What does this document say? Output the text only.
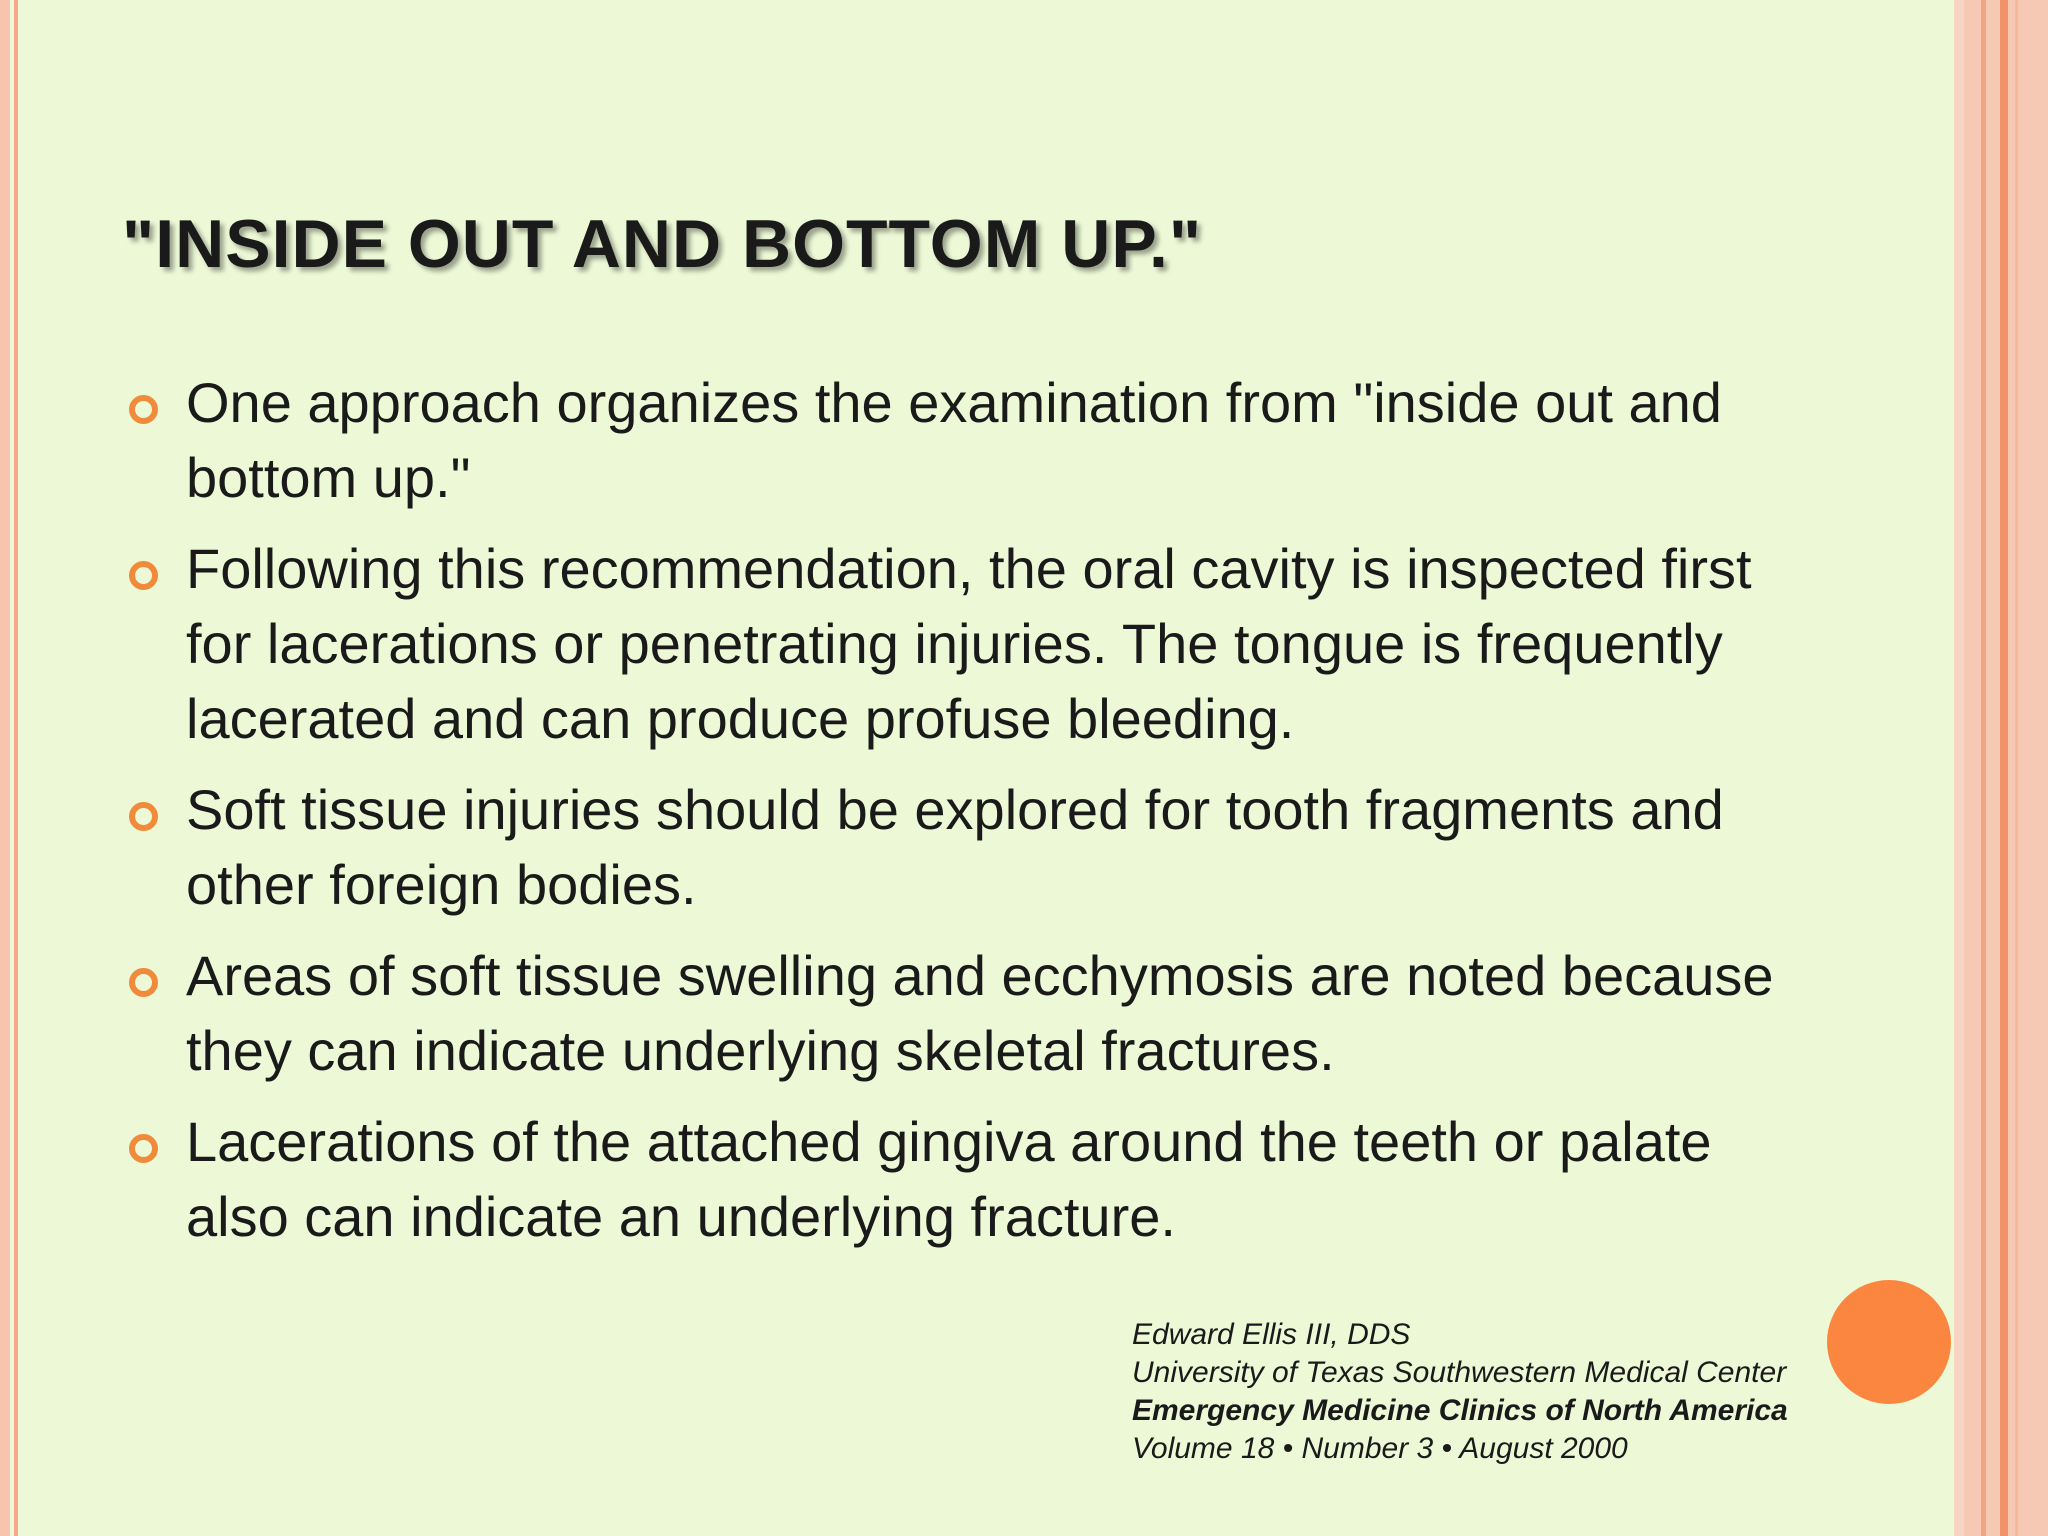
"INSIDE OUT AND BOTTOM UP."
One approach organizes the examination from "inside out and bottom up."
Following this recommendation, the oral cavity is inspected first for lacerations or penetrating injuries. The tongue is frequently lacerated and can produce profuse bleeding.
Soft tissue injuries should be explored for tooth fragments and other foreign bodies.
Areas of soft tissue swelling and ecchymosis are noted because they can indicate underlying skeletal fractures.
Lacerations of the attached gingiva around the teeth or palate also can indicate an underlying fracture.
Edward Ellis III, DDS
University of Texas Southwestern Medical Center
Emergency Medicine Clinics of North America
Volume 18 • Number 3 • August 2000
